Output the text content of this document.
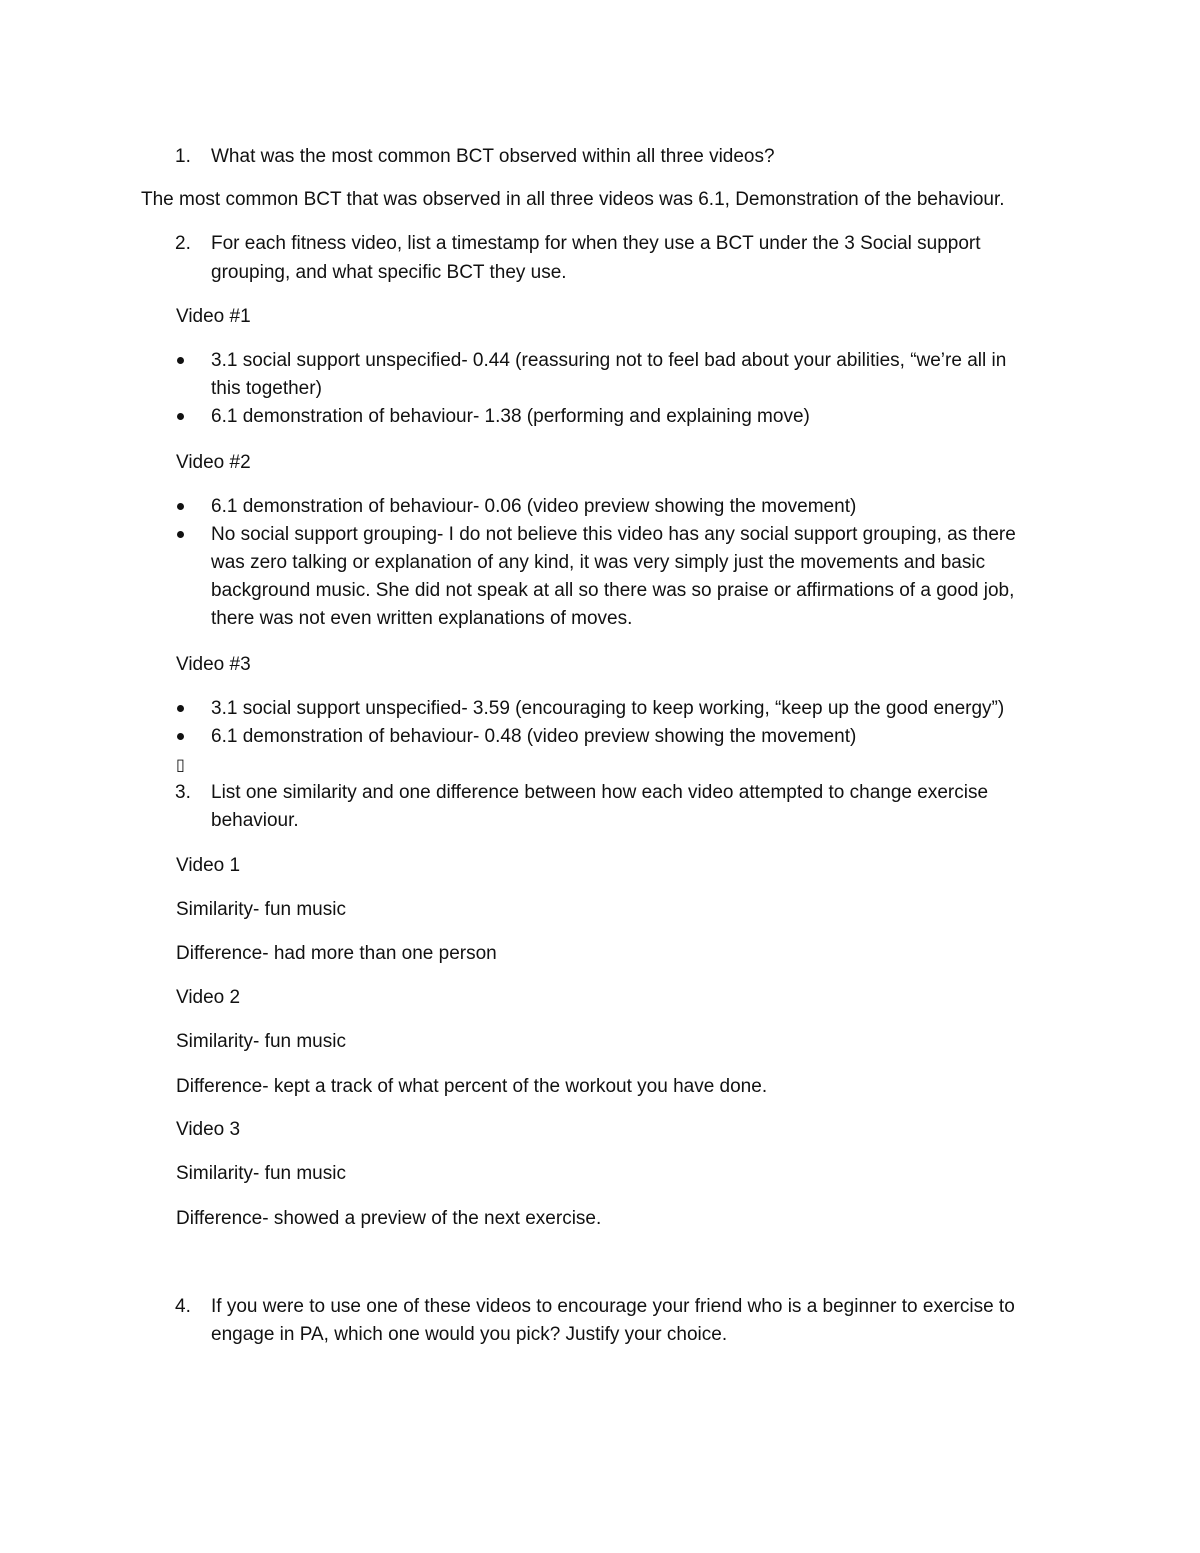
1. What was the most common BCT observed within all three videos?
The most common BCT that was observed in all three videos was 6.1, Demonstration of the behaviour.
2. For each fitness video, list a timestamp for when they use a BCT under the 3 Social support
grouping, and what specific BCT they use.
Video #1
3.1 social support unspecified- 0.44 (reassuring not to feel bad about your abilities, “we’re all in
this together)
6.1 demonstration of behaviour- 1.38 (performing and explaining move)
Video #2
6.1 demonstration of behaviour- 0.06 (video preview showing the movement)
No social support grouping- I do not believe this video has any social support grouping, as there
was zero talking or explanation of any kind, it was very simply just the movements and basic
background music. She did not speak at all so there was so praise or affirmations of a good job,
there was not even written explanations of moves.
Video #3
3.1 social support unspecified- 3.59 (encouraging to keep working, “keep up the good energy”)
6.1 demonstration of behaviour- 0.48 (video preview showing the movement)
▯
3. List one similarity and one difference between how each video attempted to change exercise
behaviour.
Video 1
Similarity- fun music
Difference- had more than one person
Video 2
Similarity- fun music
Difference- kept a track of what percent of the workout you have done.
Video 3
Similarity- fun music
Difference- showed a preview of the next exercise.
4. If you were to use one of these videos to encourage your friend who is a beginner to exercise to
engage in PA, which one would you pick? Justify your choice.
